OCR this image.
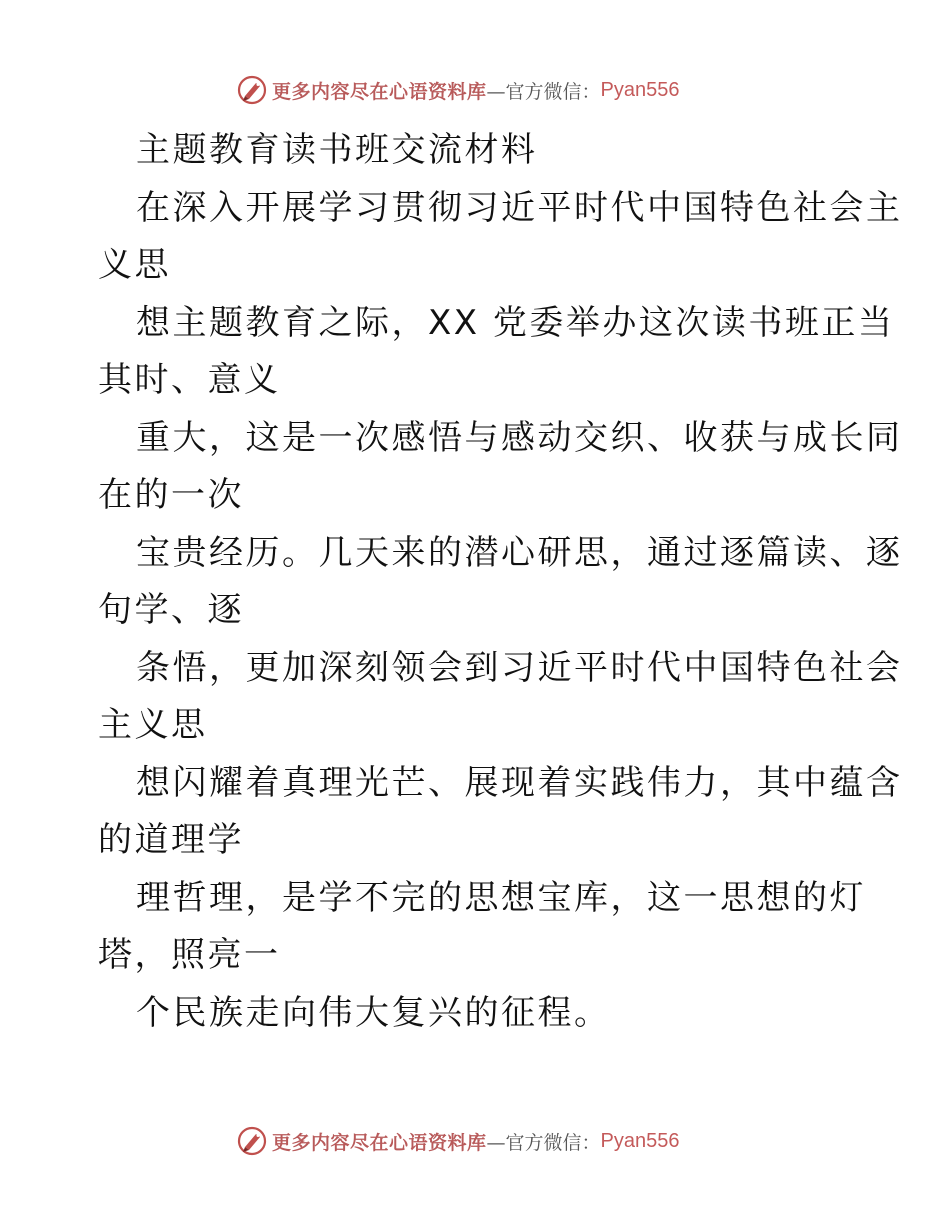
更多内容尽在心语资料库 —官方微信： Pyan556
主题教育读书班交流材料
在深入开展学习贯彻习近平时代中国特色社会主
义思
想主题教育之际，XX 党委举办这次读书班正当
其时、意义
重大，这是一次感悟与感动交织、收获与成长同
在的一次
宝贵经历。几天来的潜心研思，通过逐篇读、逐
句学、逐
条悟，更加深刻领会到习近平时代中国特色社会
主义思
想闪耀着真理光芒、展现着实践伟力，其中蕴含
的道理学
理哲理，是学不完的思想宝库，这一思想的灯
塔，照亮一
个民族走向伟大复兴的征程。
更多内容尽在心语资料库 —官方微信： Pyan556
